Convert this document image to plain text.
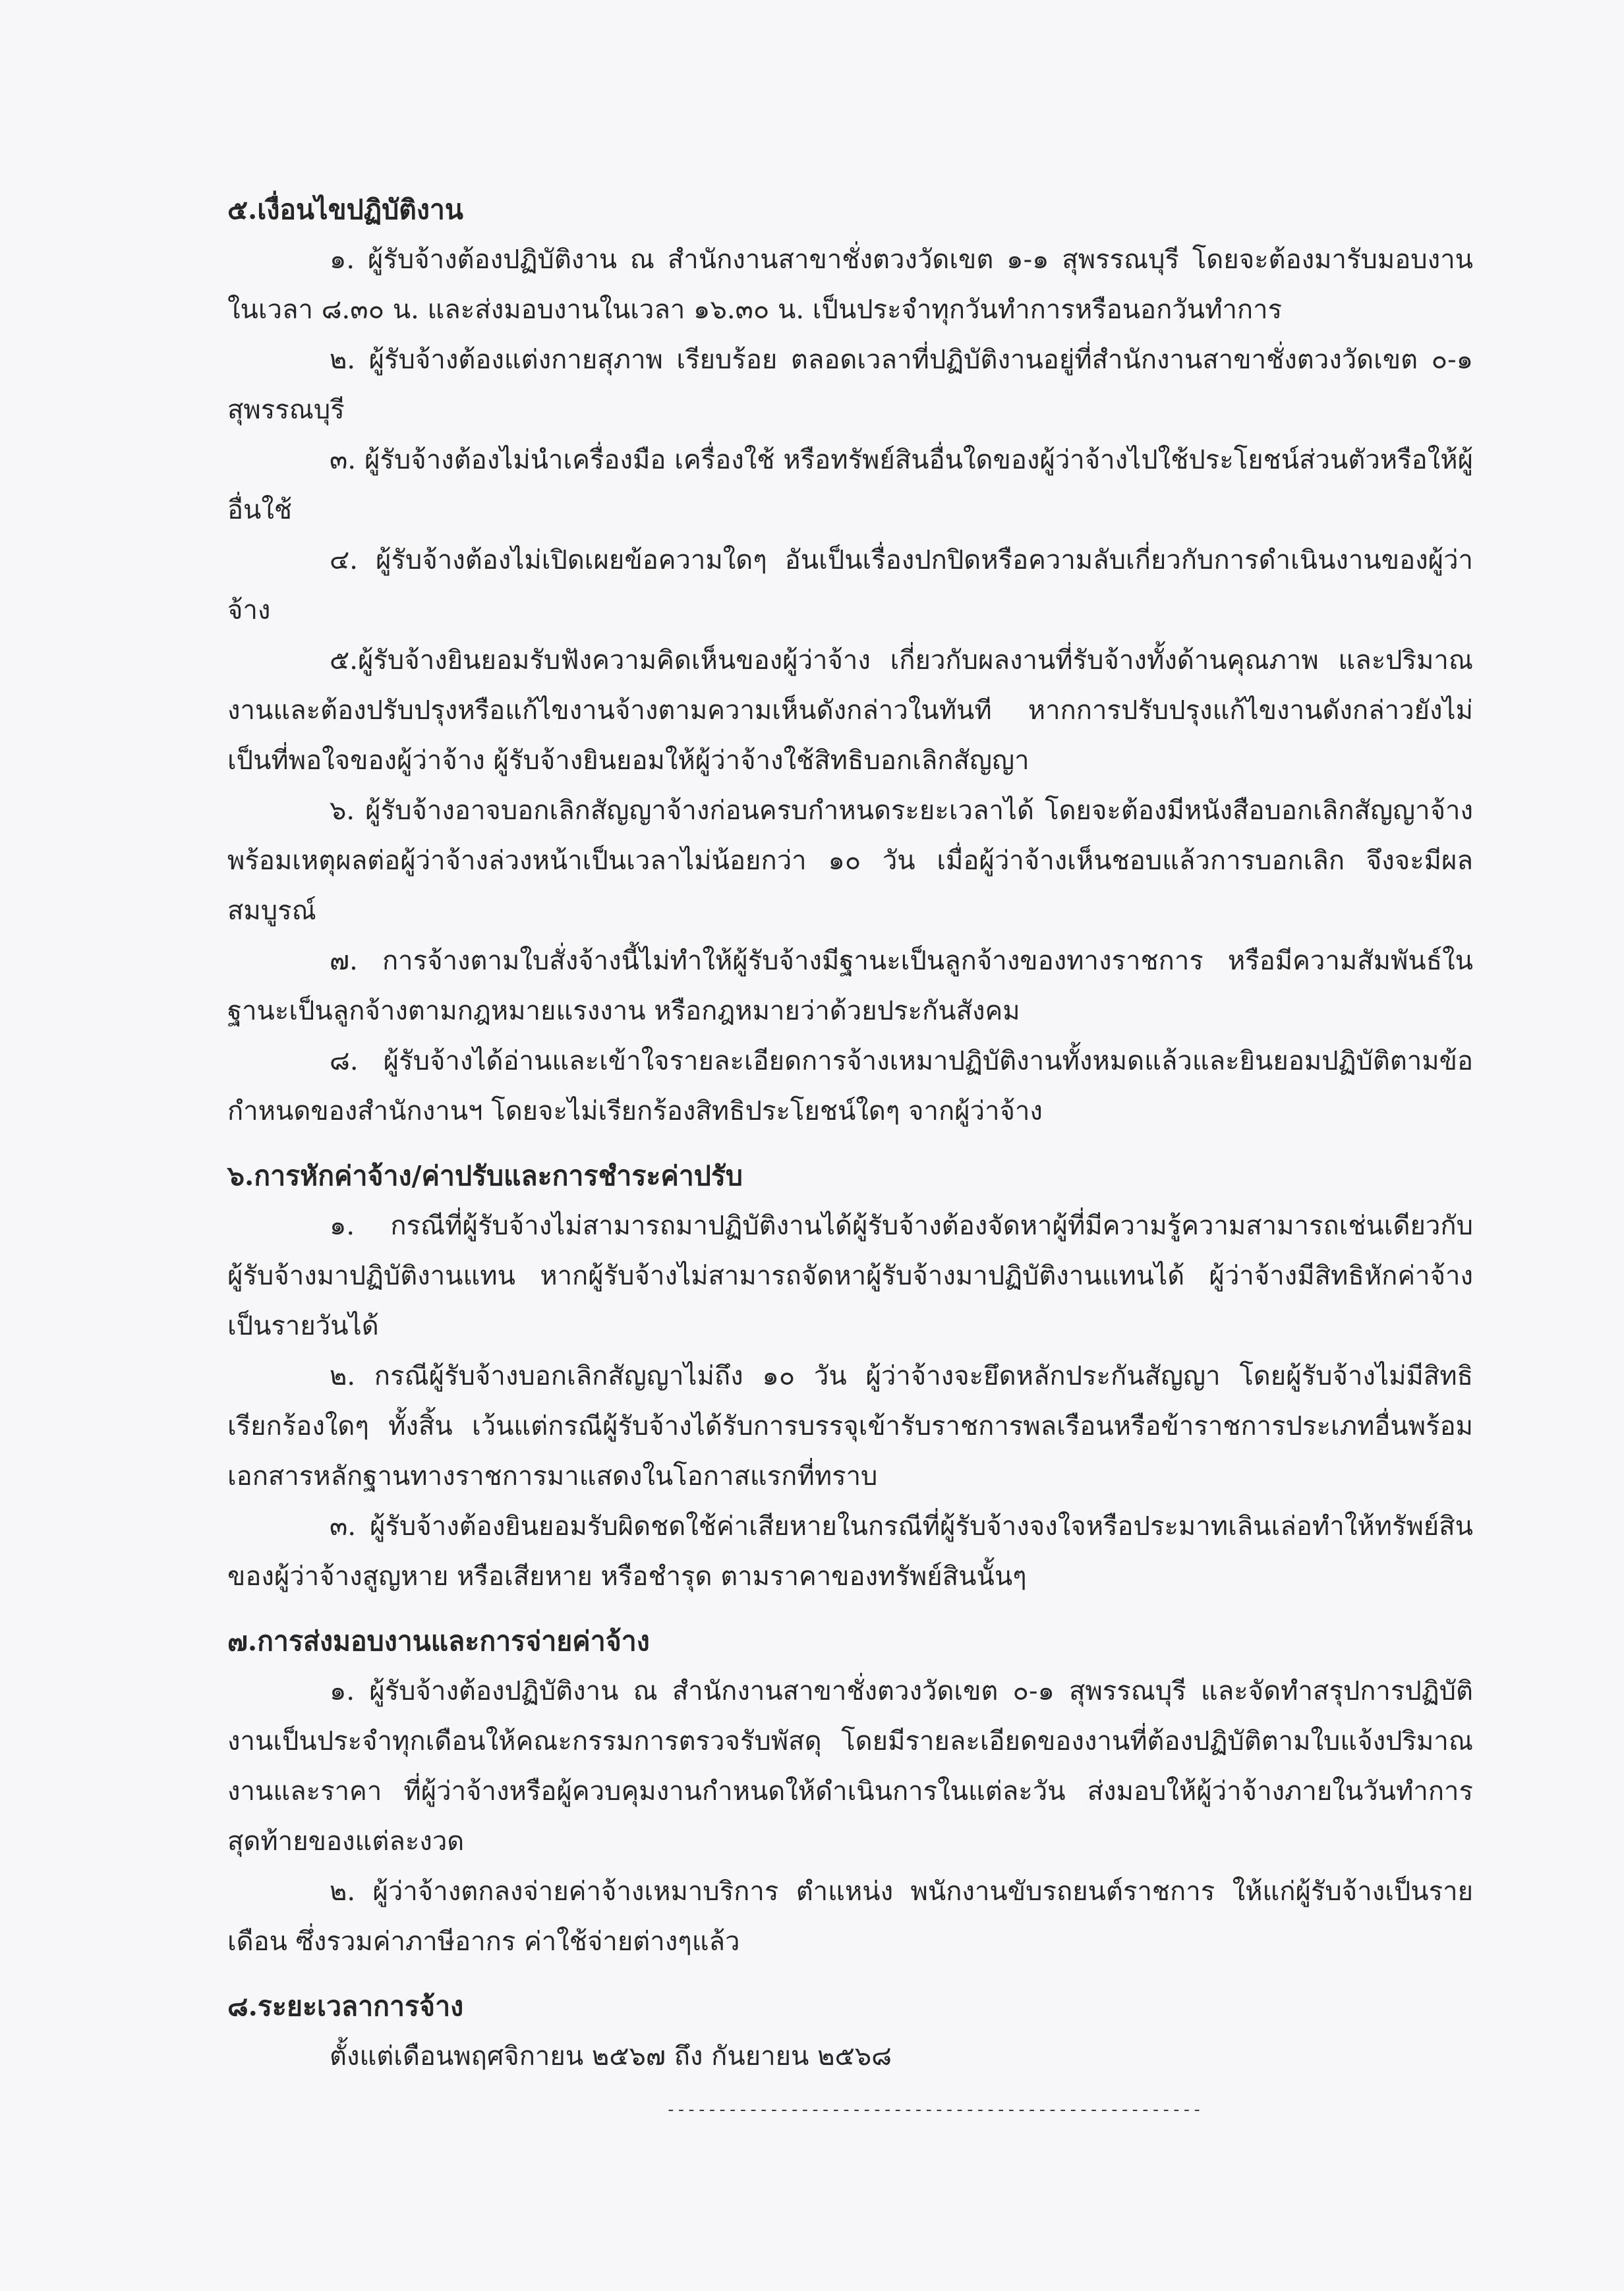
๕.เงื่อนไขปฏิบัติงาน

๑. ผู้รับจ้างต้องปฏิบัติงาน ณ สำนักงานสาขาชั่งตวงวัดเขต ๑-๑ สุพรรณบุรี โดยจะต้องมารับมอบงานในเวลา ๘.๓๐ น. และส่งมอบงานในเวลา ๑๖.๓๐ น. เป็นประจำทุกวันทำการหรือนอกวันทำการ

๒. ผู้รับจ้างต้องแต่งกายสุภาพ เรียบร้อย ตลอดเวลาที่ปฏิบัติงานอยู่ที่สำนักงานสาขาชั่งตวงวัดเขต ๐-๑ สุพรรณบุรี

๓. ผู้รับจ้างต้องไม่นำเครื่องมือ เครื่องใช้ หรือทรัพย์สินอื่นใดของผู้ว่าจ้างไปใช้ประโยชน์ส่วนตัวหรือให้ผู้อื่นใช้

๔. ผู้รับจ้างต้องไม่เปิดเผยข้อความใดๆ อันเป็นเรื่องปกปิดหรือความลับเกี่ยวกับการดำเนินงานของผู้ว่าจ้าง

๕.ผู้รับจ้างยินยอมรับฟังความคิดเห็นของผู้ว่าจ้าง เกี่ยวกับผลงานที่รับจ้างทั้งด้านคุณภาพ และปริมาณงานและต้องปรับปรุงหรือแก้ไขงานจ้างตามความเห็นดังกล่าวในทันที หากการปรับปรุงแก้ไขงานดังกล่าวยังไม่เป็นที่พอใจของผู้ว่าจ้าง ผู้รับจ้างยินยอมให้ผู้ว่าจ้างใช้สิทธิบอกเลิกสัญญา

๖. ผู้รับจ้างอาจบอกเลิกสัญญาจ้างก่อนครบกำหนดระยะเวลาได้ โดยจะต้องมีหนังสือบอกเลิกสัญญาจ้างพร้อมเหตุผลต่อผู้ว่าจ้างล่วงหน้าเป็นเวลาไม่น้อยกว่า ๑๐ วัน เมื่อผู้ว่าจ้างเห็นชอบแล้วการบอกเลิก จึงจะมีผลสมบูรณ์

๗. การจ้างตามใบสั่งจ้างนี้ไม่ทำให้ผู้รับจ้างมีฐานะเป็นลูกจ้างของทางราชการ หรือมีความสัมพันธ์ในฐานะเป็นลูกจ้างตามกฎหมายแรงงาน หรือกฎหมายว่าด้วยประกันสังคม

๘. ผู้รับจ้างได้อ่านและเข้าใจรายละเอียดการจ้างเหมาปฏิบัติงานทั้งหมดแล้วและยินยอมปฏิบัติตามข้อกำหนดของสำนักงานฯ โดยจะไม่เรียกร้องสิทธิประโยชน์ใดๆ จากผู้ว่าจ้าง

๖.การหักค่าจ้าง/ค่าปรับและการชำระค่าปรับ

๑. กรณีที่ผู้รับจ้างไม่สามารถมาปฏิบัติงานได้ผู้รับจ้างต้องจัดหาผู้ที่มีความรู้ความสามารถเช่นเดียวกับผู้รับจ้างมาปฏิบัติงานแทน หากผู้รับจ้างไม่สามารถจัดหาผู้รับจ้างมาปฏิบัติงานแทนได้ ผู้ว่าจ้างมีสิทธิหักค่าจ้างเป็นรายวันได้

๒. กรณีผู้รับจ้างบอกเลิกสัญญาไม่ถึง ๑๐ วัน ผู้ว่าจ้างจะยึดหลักประกันสัญญา โดยผู้รับจ้างไม่มีสิทธิเรียกร้องใดๆ ทั้งสิ้น เว้นแต่กรณีผู้รับจ้างได้รับการบรรจุเข้ารับราชการพลเรือนหรือข้าราชการประเภทอื่นพร้อมเอกสารหลักฐานทางราชการมาแสดงในโอกาสแรกที่ทราบ

๓. ผู้รับจ้างต้องยินยอมรับผิดชดใช้ค่าเสียหายในกรณีที่ผู้รับจ้างจงใจหรือประมาทเลินเล่อทำให้ทรัพย์สินของผู้ว่าจ้างสูญหาย หรือเสียหาย หรือชำรุด ตามราคาของทรัพย์สินนั้นๆ

๗.การส่งมอบงานและการจ่ายค่าจ้าง

๑. ผู้รับจ้างต้องปฏิบัติงาน ณ สำนักงานสาขาชั่งตวงวัดเขต ๐-๑ สุพรรณบุรี และจัดทำสรุปการปฏิบัติงานเป็นประจำทุกเดือนให้คณะกรรมการตรวจรับพัสดุ โดยมีรายละเอียดของงานที่ต้องปฏิบัติตามใบแจ้งปริมาณงานและราคา ที่ผู้ว่าจ้างหรือผู้ควบคุมงานกำหนดให้ดำเนินการในแต่ละวัน ส่งมอบให้ผู้ว่าจ้างภายในวันทำการสุดท้ายของแต่ละงวด

๒. ผู้ว่าจ้างตกลงจ่ายค่าจ้างเหมาบริการ ตำแหน่ง พนักงานขับรถยนต์ราชการ ให้แก่ผู้รับจ้างเป็นรายเดือน ซึ่งรวมค่าภาษีอากร ค่าใช้จ่ายต่างๆแล้ว

๘.ระยะเวลาการจ้าง

ตั้งแต่เดือนพฤศจิกายน ๒๕๖๗ ถึง กันยายน ๒๕๖๘

----------------------------------------------------
